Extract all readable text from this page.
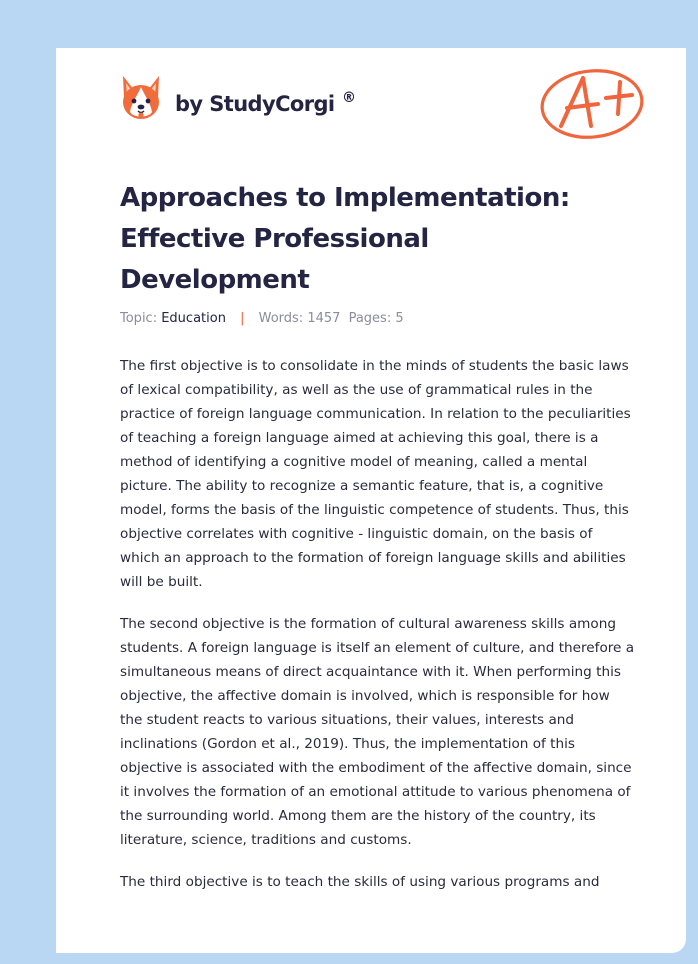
by StudyCorgi ®
Approaches to Implementation: Effective Professional Development
Topic: Education | Words: 1457 Pages: 5

The first objective is to consolidate in the minds of students the basic laws of lexical compatibility, as well as the use of grammatical rules in the practice of foreign language communication. In relation to the peculiarities of teaching a foreign language aimed at achieving this goal, there is a method of identifying a cognitive model of meaning, called a mental picture. The ability to recognize a semantic feature, that is, a cognitive model, forms the basis of the linguistic competence of students. Thus, this objective correlates with cognitive - linguistic domain, on the basis of which an approach to the formation of foreign language skills and abilities will be built.

The second objective is the formation of cultural awareness skills among students. A foreign language is itself an element of culture, and therefore a simultaneous means of direct acquaintance with it. When performing this objective, the affective domain is involved, which is responsible for how the student reacts to various situations, their values, interests and inclinations (Gordon et al., 2019). Thus, the implementation of this objective is associated with the embodiment of the affective domain, since it involves the formation of an emotional attitude to various phenomena of the surrounding world. Among them are the history of the country, its literature, science, traditions and customs.

The third objective is to teach the skills of using various programs and
